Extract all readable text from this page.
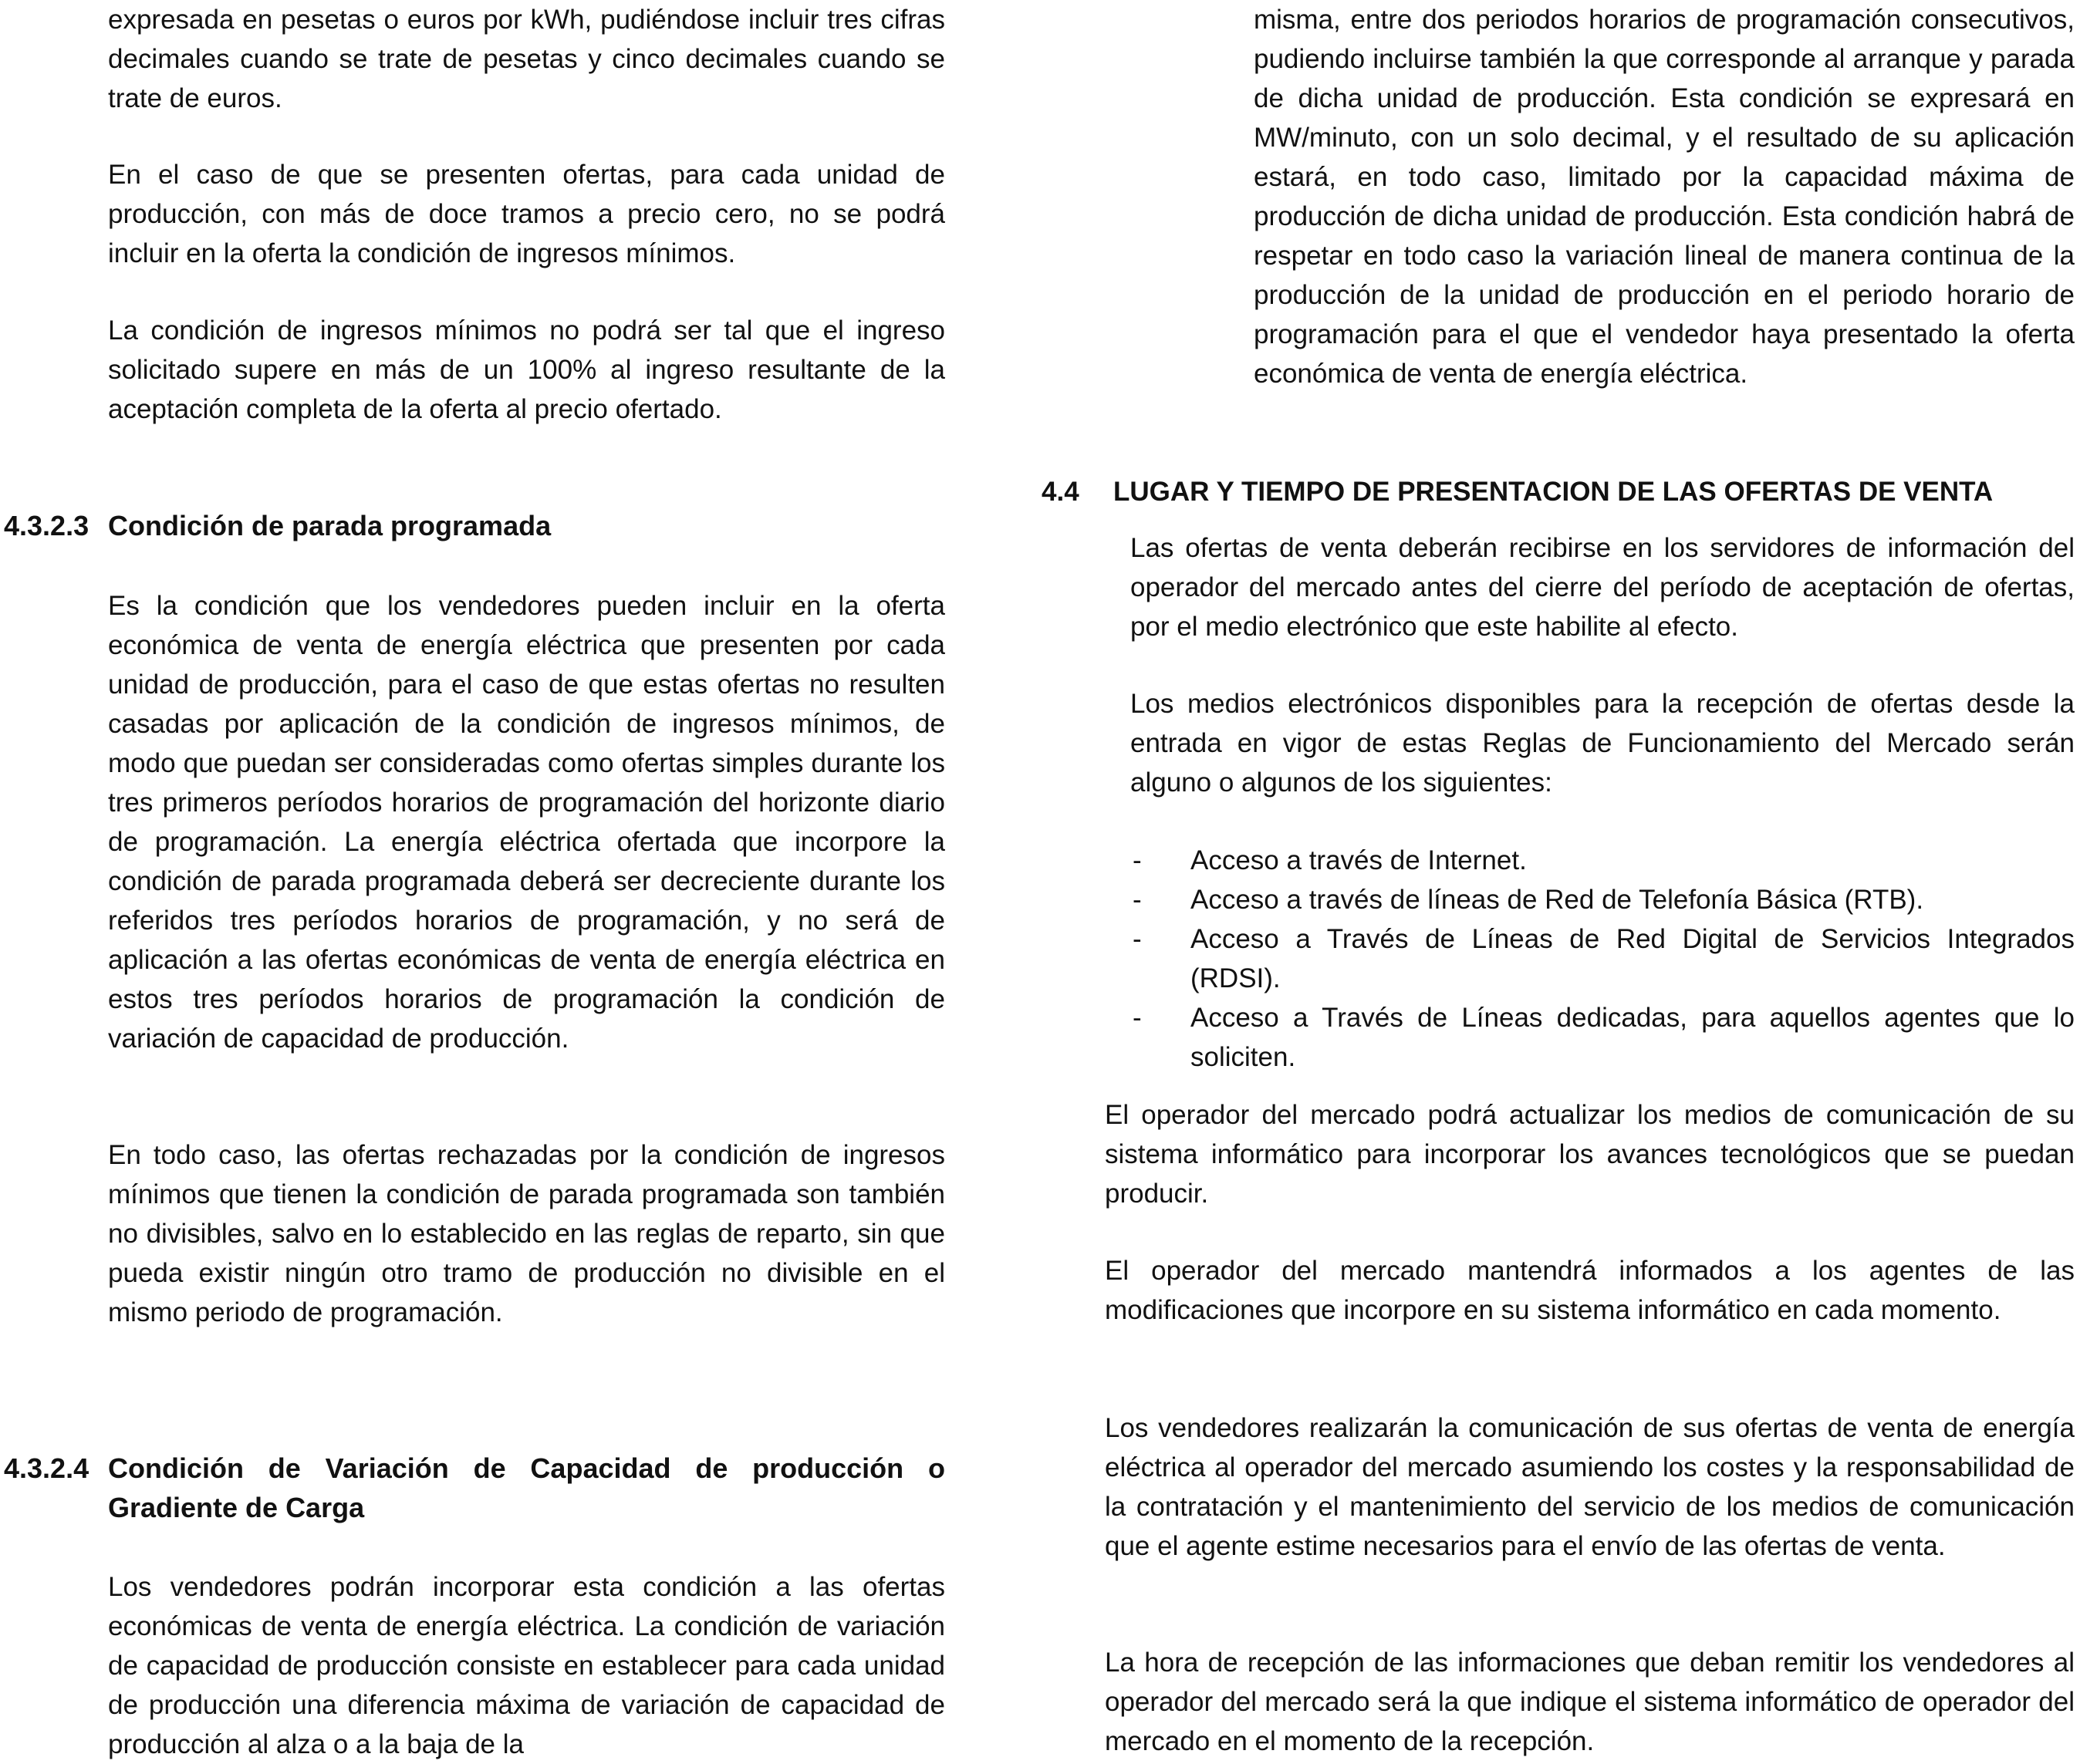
expresada en pesetas o euros por kWh, pudiéndose incluir tres cifras decimales cuando se trate de pesetas y cinco decimales cuando se trate de euros.

En el caso de que se presenten ofertas, para cada unidad de producción, con más de doce tramos a precio cero, no se podrá incluir en la oferta la condición de ingresos mínimos.

La condición de ingresos mínimos no podrá ser tal que el ingreso solicitado supere en más de un 100% al ingreso resultante de la aceptación completa de la oferta al precio ofertado.

4.3.2.3 Condición de parada programada

Es la condición que los vendedores pueden incluir en la oferta económica de venta de energía eléctrica que presenten por cada unidad de producción, para el caso de que estas ofertas no resulten casadas por aplicación de la condición de ingresos mínimos, de modo que puedan ser consideradas como ofertas simples durante los tres primeros períodos horarios de programación del horizonte diario de programación. La energía eléctrica ofertada que incorpore la condición de parada programada deberá ser decreciente durante los referidos tres períodos horarios de programación, y no será de aplicación a las ofertas económicas de venta de energía eléctrica en estos tres períodos horarios de programación la condición de variación de capacidad de producción.

En todo caso, las ofertas rechazadas por la condición de ingresos mínimos que tienen la condición de parada programada son también no divisibles, salvo en lo establecido en las reglas de reparto, sin que pueda existir ningún otro tramo de producción no divisible en el mismo periodo de programación.

4.3.2.4 Condición de Variación de Capacidad de producción o Gradiente de Carga

Los vendedores podrán incorporar esta condición a las ofertas económicas de venta de energía eléctrica. La condición de variación de capacidad de producción consiste en establecer para cada unidad de producción una diferencia máxima de variación de capacidad de producción al alza o a la baja de la

misma, entre dos periodos horarios de programación consecutivos, pudiendo incluirse también la que corresponde al arranque y parada de dicha unidad de producción. Esta condición se expresará en MW/minuto, con un solo decimal, y el resultado de su aplicación estará, en todo caso, limitado por la capacidad máxima de producción de dicha unidad de producción. Esta condición habrá de respetar en todo caso la variación lineal de manera continua de la producción de la unidad de producción en el periodo horario de programación para el que el vendedor haya presentado la oferta económica de venta de energía eléctrica.

4.4 LUGAR Y TIEMPO DE PRESENTACION DE LAS OFERTAS DE VENTA

Las ofertas de venta deberán recibirse en los servidores de información del operador del mercado antes del cierre del período de aceptación de ofertas, por el medio electrónico que este habilite al efecto.

Los medios electrónicos disponibles para la recepción de ofertas desde la entrada en vigor de estas Reglas de Funcionamiento del Mercado serán alguno o algunos de los siguientes:

- Acceso a través de Internet.
- Acceso a través de líneas de Red de Telefonía Básica (RTB).
- Acceso a Través de Líneas de Red Digital de Servicios Integrados (RDSI).
- Acceso a Través de Líneas dedicadas, para aquellos agentes que lo soliciten.

El operador del mercado podrá actualizar los medios de comunicación de su sistema informático para incorporar los avances tecnológicos que se puedan producir.

El operador del mercado mantendrá informados a los agentes de las modificaciones que incorpore en su sistema informático en cada momento.

Los vendedores realizarán la comunicación de sus ofertas de venta de energía eléctrica al operador del mercado asumiendo los costes y la responsabilidad de la contratación y el mantenimiento del servicio de los medios de comunicación que el agente estime necesarios para el envío de las ofertas de venta.

La hora de recepción de las informaciones que deban remitir los vendedores al operador del mercado será la que indique el sistema informático de operador del mercado en el momento de la recepción.
